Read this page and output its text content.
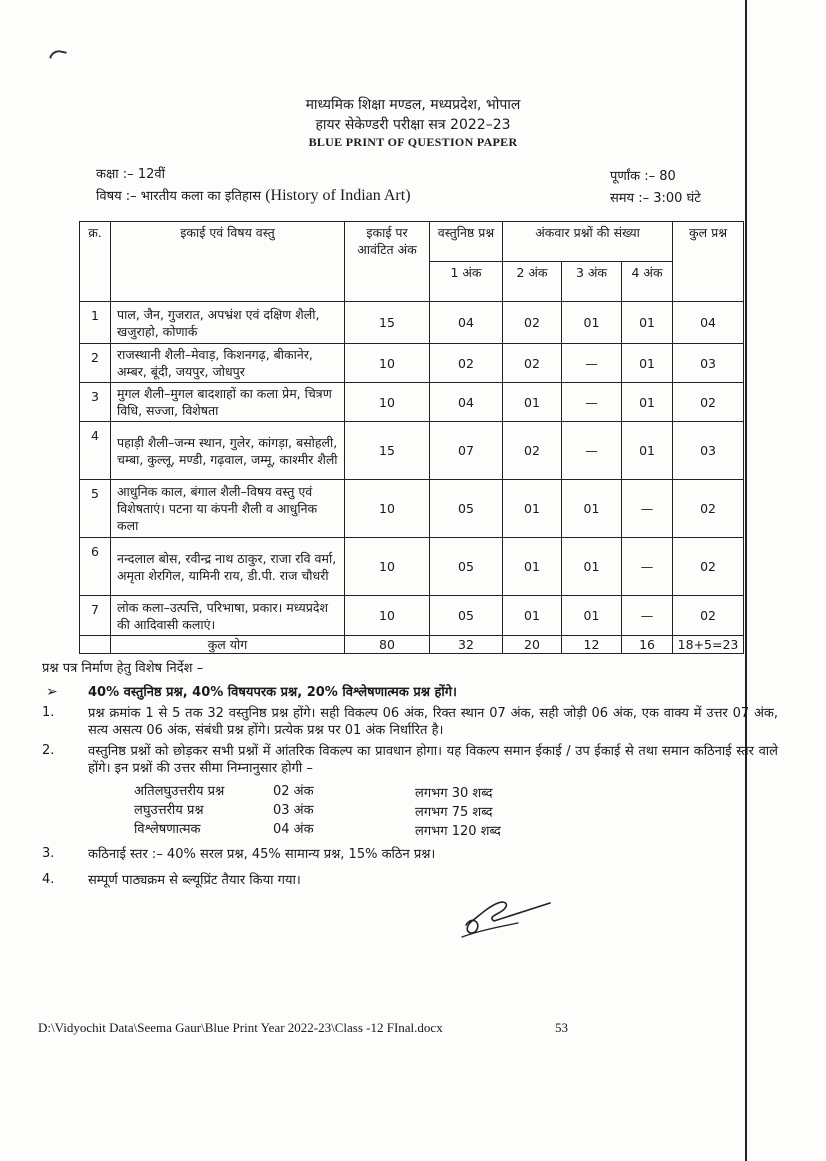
माध्यमिक शिक्षा मण्डल, मध्यप्रदेश, भोपाल
हायर सेकेण्डरी परीक्षा सत्र 2022–23
BLUE PRINT OF QUESTION PAPER
कक्षा :– 12वीं
विषय :– भारतीय कला का इतिहास (History of Indian Art)
पूर्णांक :– 80
समय :– 3:00 घंटे
क्र.	इकाई एवं विषय वस्तु	इकाई पर आवंटित अंक	वस्तुनिष्ठ प्रश्न	अंकवार प्रश्नों की संख्या			कुल प्रश्न
			1 अंक	2 अंक	3 अंक	4 अंक	
1	पाल, जैन, गुजरात, अपभ्रंश एवं दक्षिण शैली, खजुराहो, कोणार्क	15	04	02	01	01	04
2	राजस्थानी शैली–मेवाड़, किशनगढ़, बीकानेर, अम्बर, बूंदी, जयपुर, जोधपुर	10	02	02	—	01	03
3	मुगल शैली–मुगल बादशाहों का कला प्रेम, चित्रण विधि, सज्जा, विशेषता	10	04	01	—	01	02
4	पहाड़ी शैली–जन्म स्थान, गुलेर, कांगड़ा, बसोहली, चम्बा, कुल्लू, मण्डी, गढ़वाल, जम्मू, काश्मीर शैली	15	07	02	—	01	03
5	आधुनिक काल, बंगाल शैली–विषय वस्तु एवं विशेषताएं। पटना या कंपनी शैली व आधुनिक कला	10	05	01	01	—	02
6	नन्दलाल बोस, रवीन्द्र नाथ ठाकुर, राजा रवि वर्मा, अमृता शेरगिल, यामिनी राय, डी.पी. राज चौधरी	10	05	01	01	—	02
7	लोक कला–उत्पत्ति, परिभाषा, प्रकार। मध्यप्रदेश की आदिवासी कलाएं।	10	05	01	01	—	02
	कुल योग	80	32	20	12	16	18+5=23
प्रश्न पत्र निर्माण हेतु विशेष निर्देश –
➢ 40% वस्तुनिष्ठ प्रश्न, 40% विषयपरक प्रश्न, 20% विश्लेषणात्मक प्रश्न होंगे।
1.	प्रश्न क्रमांक 1 से 5 तक 32 वस्तुनिष्ठ प्रश्न होंगे। सही विकल्प 06 अंक, रिक्त स्थान 07 अंक, सही जोड़ी 06 अंक, एक वाक्य में उत्तर 07 अंक, सत्य असत्य 06 अंक, संबंधी प्रश्न होंगे। प्रत्येक प्रश्न पर 01 अंक निर्धारित है।
2.	वस्तुनिष्ठ प्रश्नों को छोड़कर सभी प्रश्नों में आंतरिक विकल्प का प्रावधान होगा। यह विकल्प समान ईकाई / उप ईकाई से तथा समान कठिनाई स्तर वाले होंगे। इन प्रश्नों की उत्तर सीमा निम्नानुसार होगी –
अतिलघुउत्तरीय प्रश्न	02 अंक	लगभग 30 शब्द
लघुउत्तरीय प्रश्न	03 अंक	लगभग 75 शब्द
विश्लेषणात्मक	04 अंक	लगभग 120 शब्द
3.	कठिनाई स्तर :– 40% सरल प्रश्न, 45% सामान्य प्रश्न, 15% कठिन प्रश्न।
4.	सम्पूर्ण पाठ्यक्रम से ब्ल्यूप्रिंट तैयार किया गया।
D:\Vidyochit Data\Seema Gaur\Blue Print Year 2022-23\Class -12 FInal.docx	53
